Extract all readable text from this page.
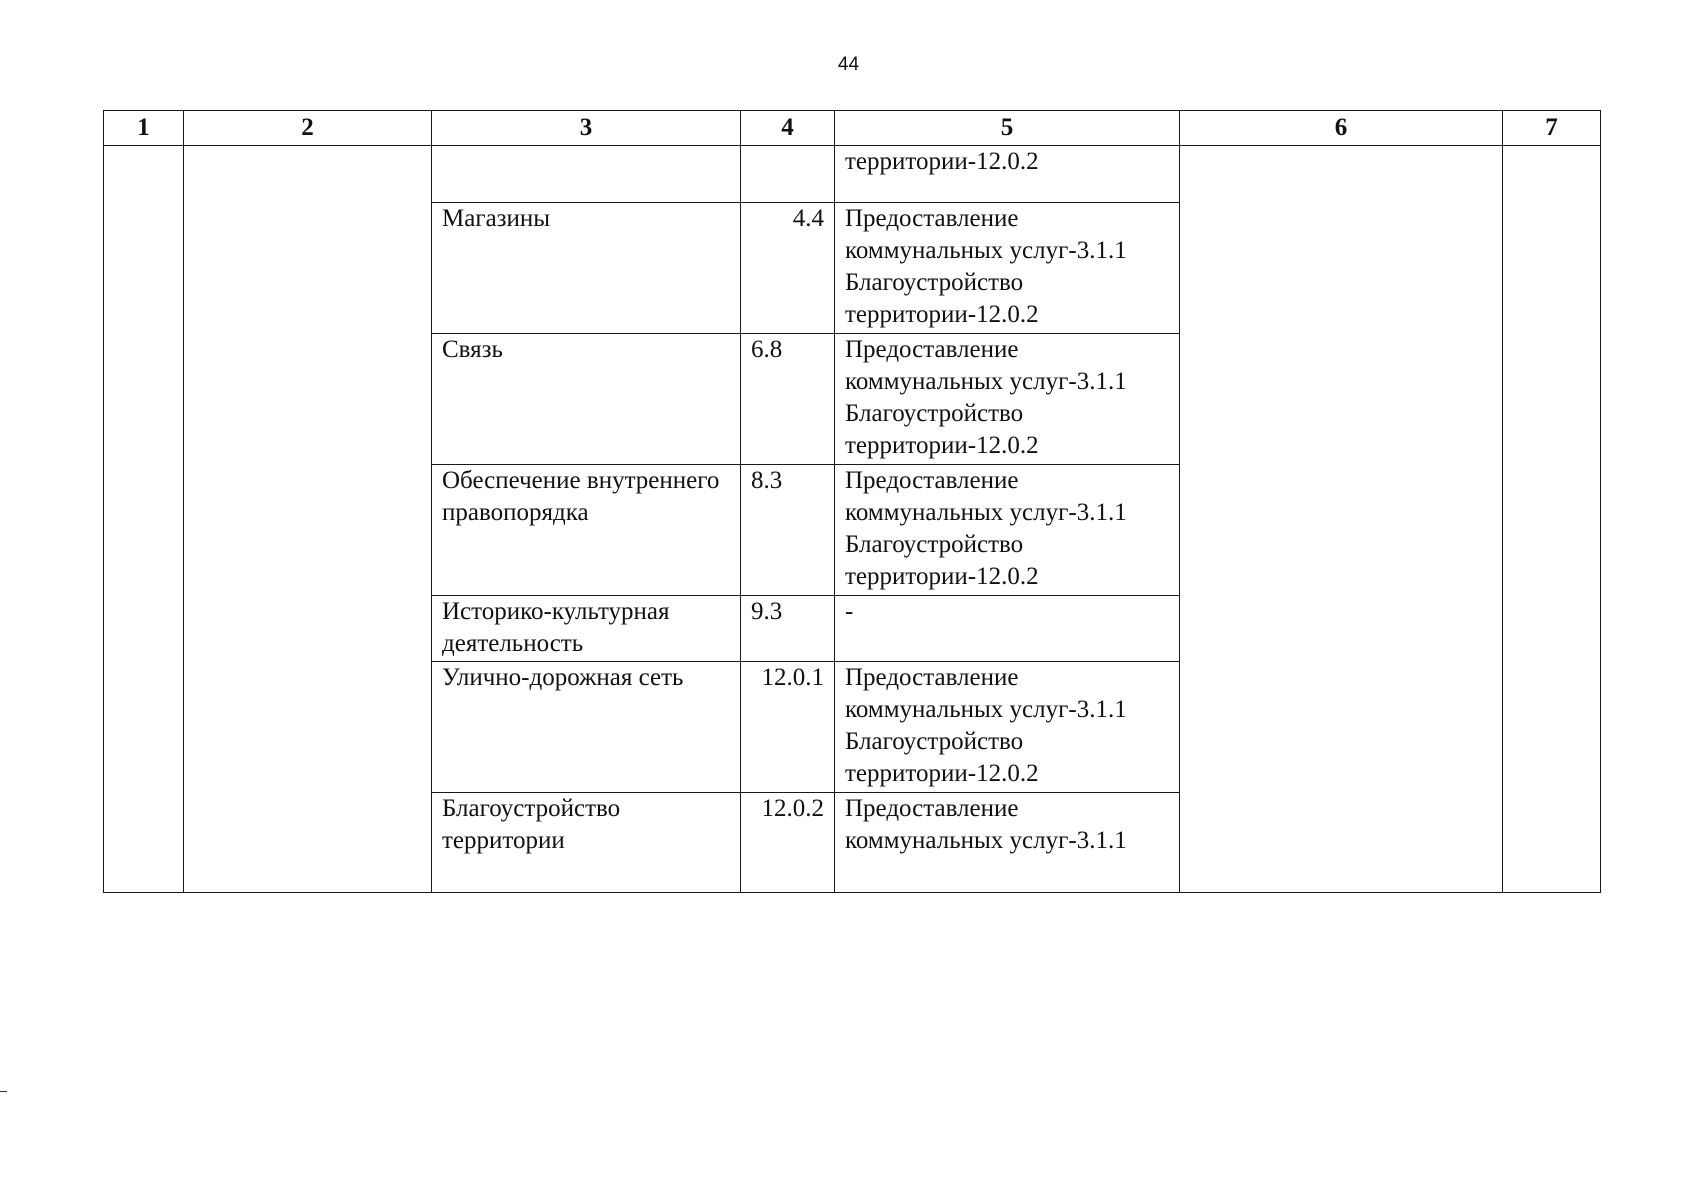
44
1	2	3	4	5	6	7

				территории-12.0.2		

		Магазины	4.4	Предоставление
коммунальных услуг-3.1.1
Благоустройство
территории-12.0.2		

		Связь	6.8	Предоставление
коммунальных услуг-3.1.1
Благоустройство
территории-12.0.2		

		Обеспечение внутреннего правопорядка	8.3	Предоставление
коммунальных услуг-3.1.1
Благоустройство
территории-12.0.2		

		Историко-культурная деятельность	9.3	-		

		Улично-дорожная сеть	12.0.1	Предоставление
коммунальных услуг-3.1.1
Благоустройство
территории-12.0.2		

		Благоустройство территории	12.0.2	Предоставление
коммунальных услуг-3.1.1		
